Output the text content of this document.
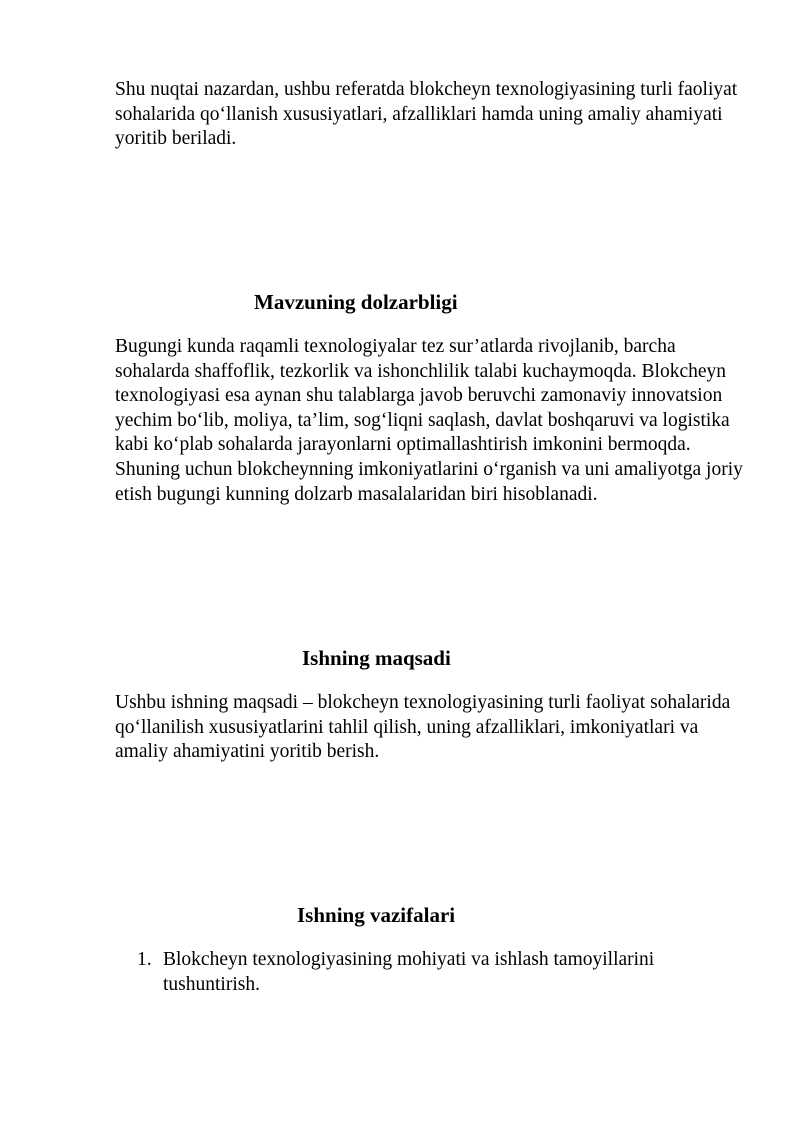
Shu nuqtai nazardan, ushbu referatda blokcheyn texnologiyasining turli faoliyat sohalarida qo‘llanish xususiyatlari, afzalliklari hamda uning amaliy ahamiyati yoritib beriladi.

Mavzuning dolzarbligi

Bugungi kunda raqamli texnologiyalar tez sur’atlarda rivojlanib, barcha sohalarda shaffoflik, tezkorlik va ishonchlilik talabi kuchaymoqda. Blokcheyn texnologiyasi esa aynan shu talablarga javob beruvchi zamonaviy innovatsion yechim bo‘lib, moliya, ta’lim, sog‘liqni saqlash, davlat boshqaruvi va logistika kabi ko‘plab sohalarda jarayonlarni optimallashtirish imkonini bermoqda. Shuning uchun blokcheynning imkoniyatlarini o‘rganish va uni amaliyotga joriy etish bugungi kunning dolzarb masalalaridan biri hisoblanadi.

Ishning maqsadi

Ushbu ishning maqsadi – blokcheyn texnologiyasining turli faoliyat sohalarida qo‘llanilish xususiyatlarini tahlil qilish, uning afzalliklari, imkoniyatlari va amaliy ahamiyatini yoritib berish.

Ishning vazifalari
1. Blokcheyn texnologiyasining mohiyati va ishlash tamoyillarini tushuntirish.
